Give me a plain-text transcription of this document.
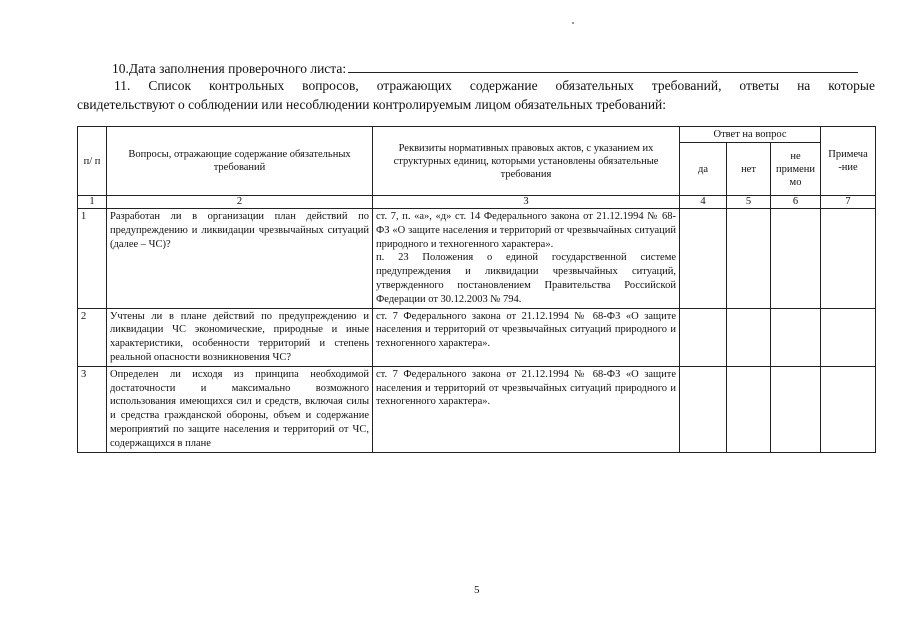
10.Дата заполнения проверочного листа:
11. Список контрольных вопросов, отражающих содержание обязательных требований, ответы на которые
свидетельствуют о соблюдении или несоблюдении контролируемым лицом обязательных требований:
п/ п	Вопросы, отражающие содержание обязательных требований	Реквизиты нормативных правовых актов, с указанием их структурных единиц, которыми установлены обязательные требования	Ответ на вопрос			Примеча -ние
			да	нет	не примени мо	
1	2	3	4	5	6	7
1	Разработан ли в организации план действий по предупреждению и ликвидации чрезвычайных ситуаций (далее – ЧС)?	ст. 7, п. «а», «д» ст. 14 Федерального закона от 21.12.1994 № 68-ФЗ «О защите населения и территорий от чрезвычайных ситуаций природного и техногенного характера».
п. 23 Положения о единой государственной системе предупреждения и ликвидации чрезвычайных ситуаций, утвержденного постановлением Правительства Российской Федерации от 30.12.2003 № 794.				

2	Учтены ли в плане действий по предупреждению и ликвидации ЧС экономические, природные и иные характеристики, особенности территорий и степень реальной опасности возникновения ЧС?	ст. 7 Федерального закона от 21.12.1994 № 68-ФЗ «О защите населения и территорий от чрезвычайных ситуаций природного и техногенного характера».				

3	Определен ли исходя из принципа необходимой достаточности и максимально возможного использования имеющихся сил и средств, включая силы и средства гражданской обороны, объем и содержание мероприятий по защите населения и территорий от ЧС, содержащихся в плане	ст. 7 Федерального закона от 21.12.1994 № 68-ФЗ «О защите населения и территорий от чрезвычайных ситуаций природного и техногенного характера».				

5
